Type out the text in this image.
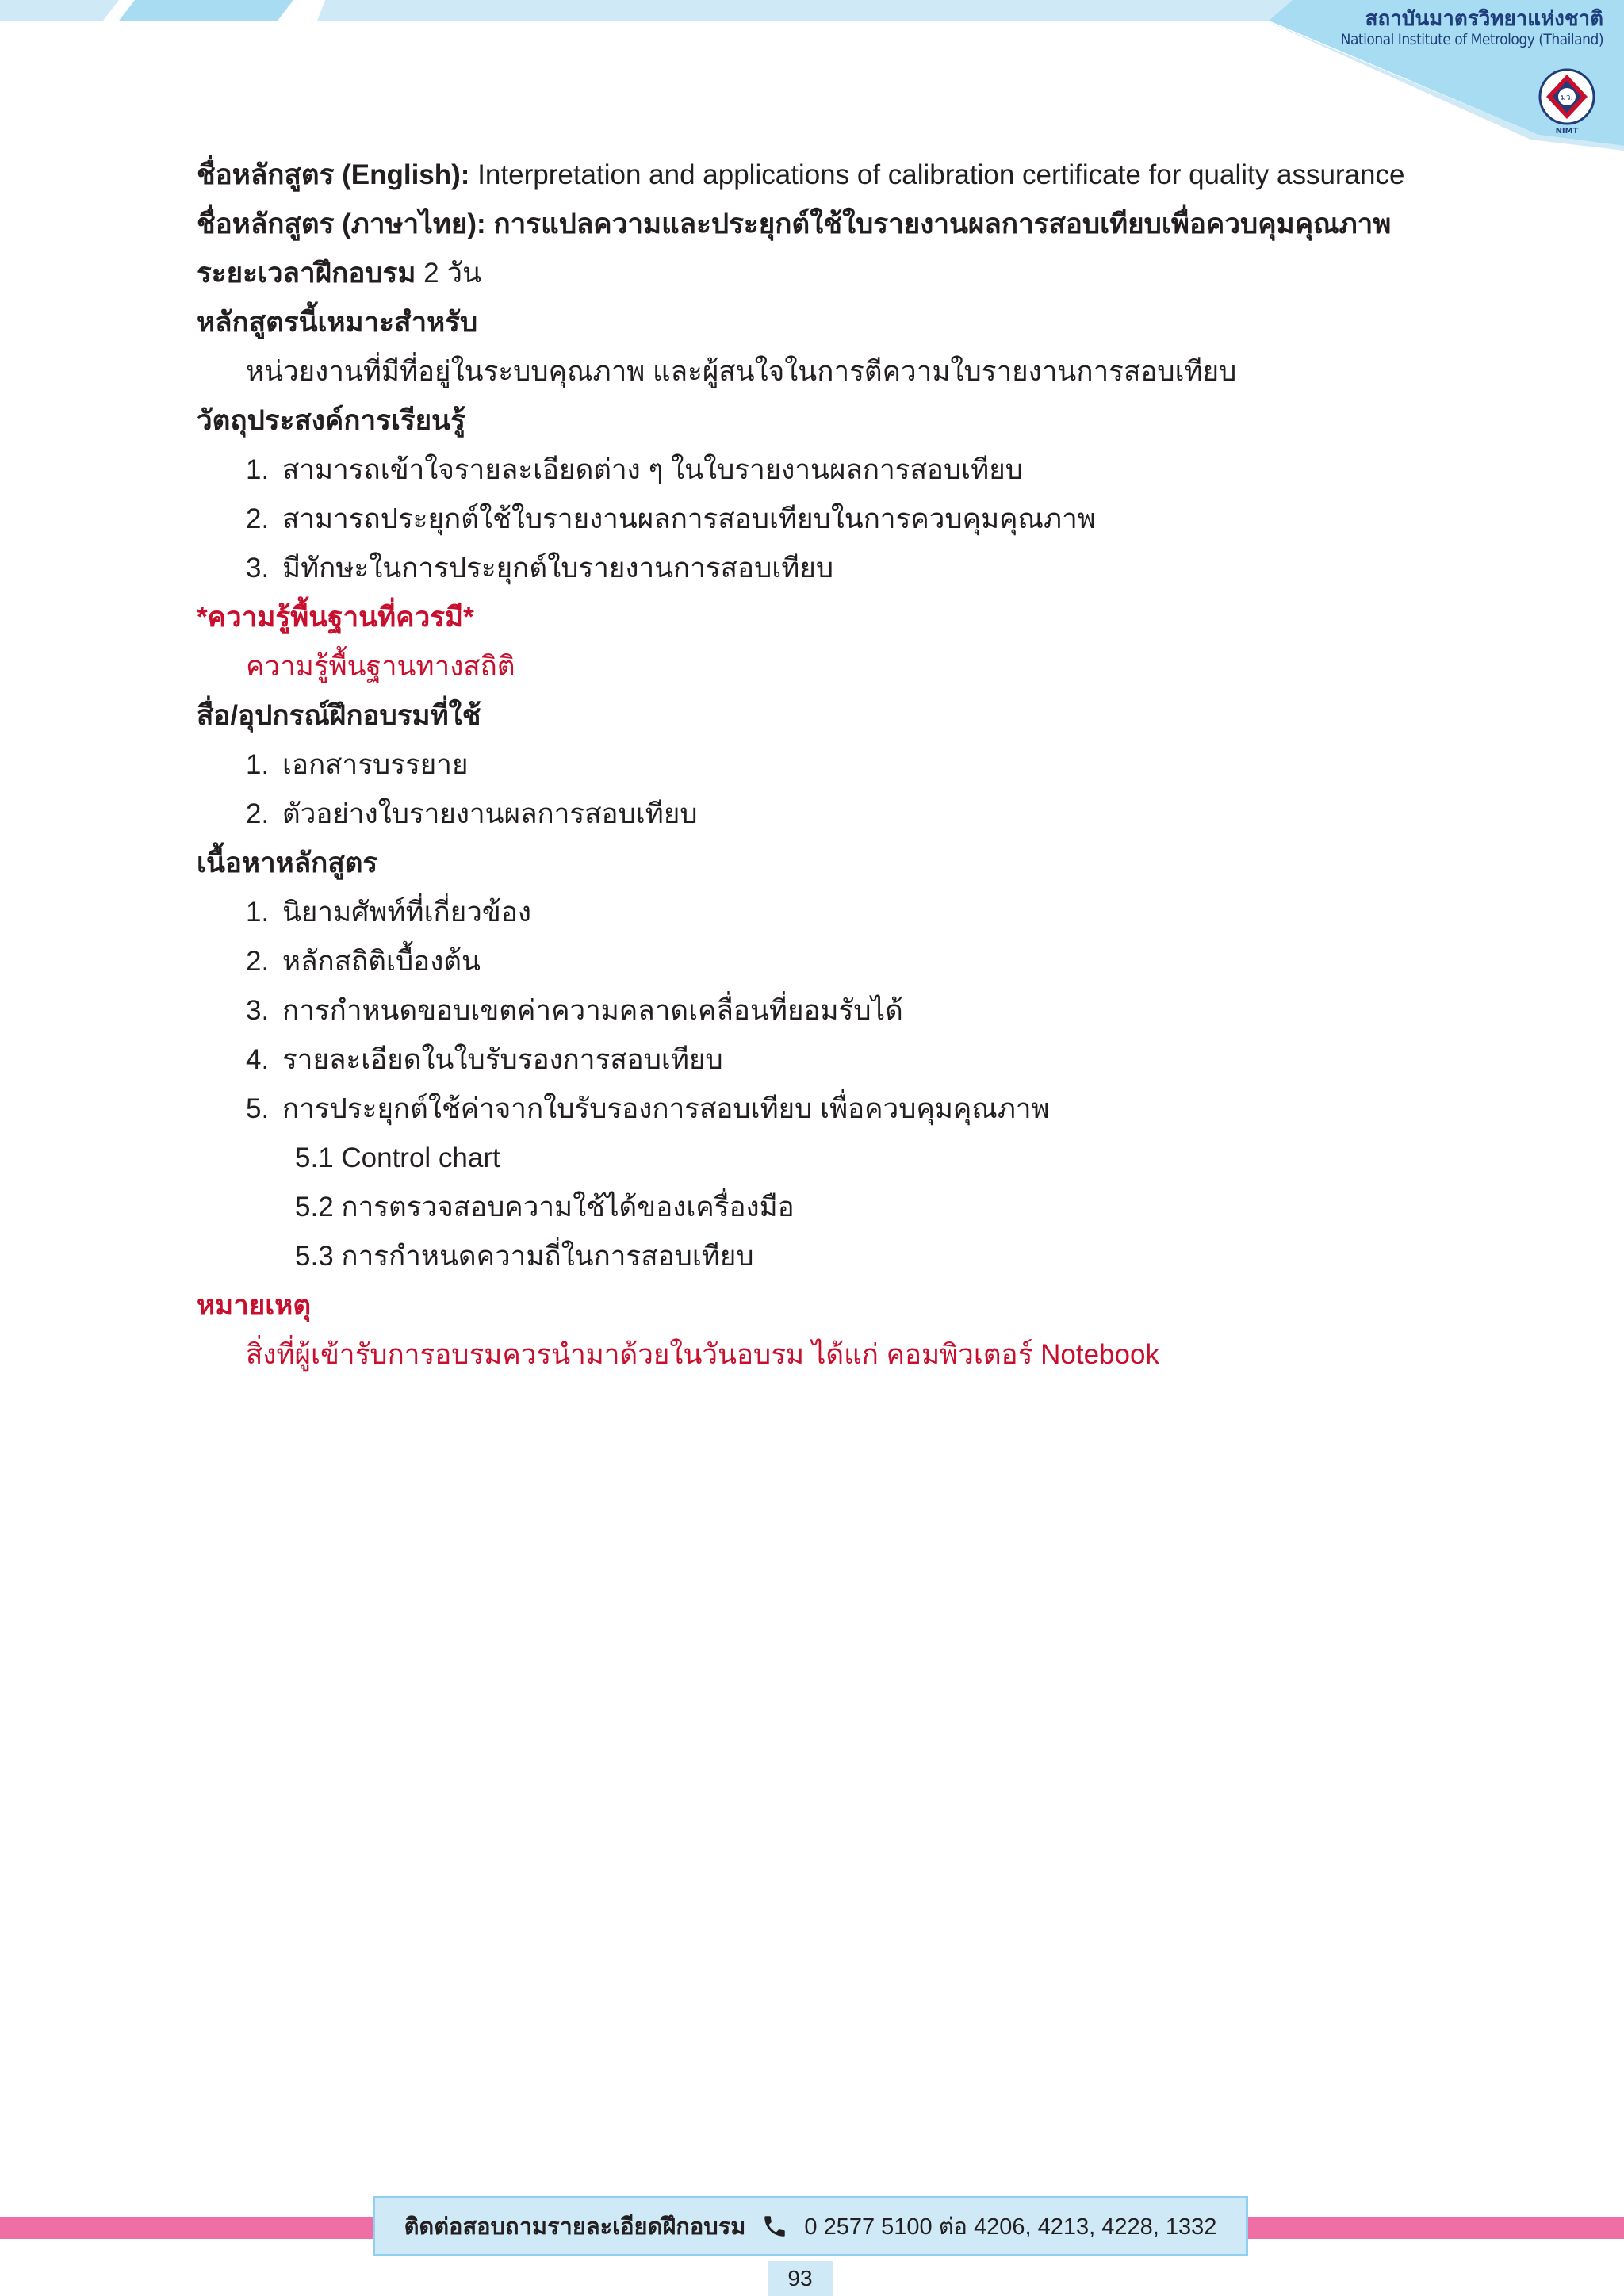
สถาบันมาตรวิทยาแห่งชาติ
National Institute of Metrology (Thailand)
มว.
NIMT
ชื่อหลักสูตร (English): Interpretation and applications of calibration certificate for quality assurance
ชื่อหลักสูตร (ภาษาไทย): การแปลความและประยุกต์ใช้ใบรายงานผลการสอบเทียบเพื่อควบคุมคุณภาพ
ระยะเวลาฝึกอบรม 2 วัน
หลักสูตรนี้เหมาะสำหรับ
หน่วยงานที่มีที่อยู่ในระบบคุณภาพ และผู้สนใจในการตีความใบรายงานการสอบเทียบ
วัตถุประสงค์การเรียนรู้
1. สามารถเข้าใจรายละเอียดต่าง ๆ ในใบรายงานผลการสอบเทียบ
2. สามารถประยุกต์ใช้ใบรายงานผลการสอบเทียบในการควบคุมคุณภาพ
3. มีทักษะในการประยุกต์ใบรายงานการสอบเทียบ
*ความรู้พื้นฐานที่ควรมี*
ความรู้พื้นฐานทางสถิติ
สื่อ/อุปกรณ์ฝึกอบรมที่ใช้
1. เอกสารบรรยาย
2. ตัวอย่างใบรายงานผลการสอบเทียบ
เนื้อหาหลักสูตร
1. นิยามศัพท์ที่เกี่ยวข้อง
2. หลักสถิติเบื้องต้น
3. การกำหนดขอบเขตค่าความคลาดเคลื่อนที่ยอมรับได้
4. รายละเอียดในใบรับรองการสอบเทียบ
5. การประยุกต์ใช้ค่าจากใบรับรองการสอบเทียบ เพื่อควบคุมคุณภาพ
5.1 Control chart
5.2 การตรวจสอบความใช้ได้ของเครื่องมือ
5.3 การกำหนดความถี่ในการสอบเทียบ
หมายเหตุ
สิ่งที่ผู้เข้ารับการอบรมควรนำมาด้วยในวันอบรม ได้แก่ คอมพิวเตอร์ Notebook
ติดต่อสอบถามรายละเอียดฝึกอบรม	0 2577 5100 ต่อ 4206, 4213, 4228, 1332
93
